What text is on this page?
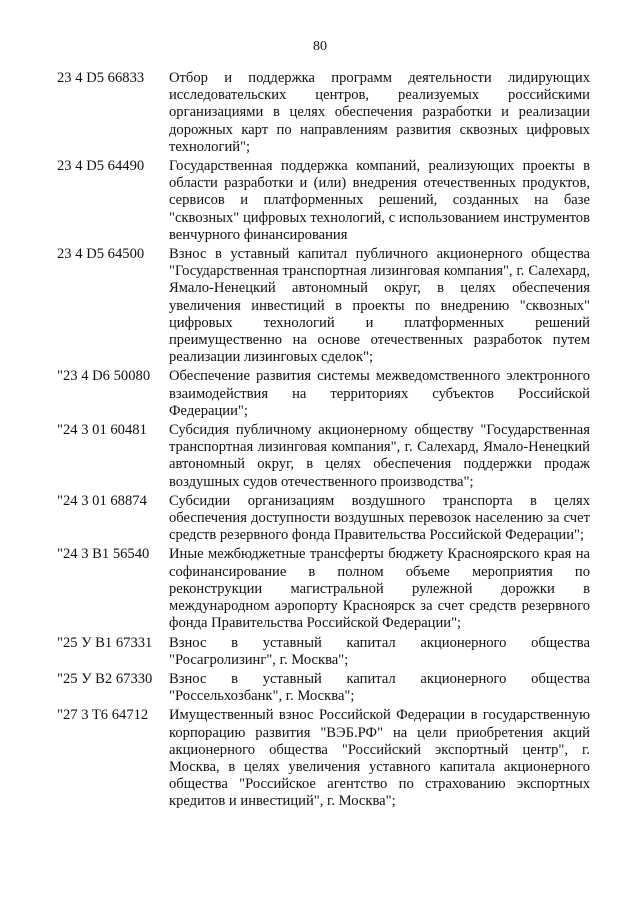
80
23 4 D5 66833	Отбор и поддержка программ деятельности лидирующих исследовательских центров, реализуемых российскими организациями в целях обеспечения разработки и реализации дорожных карт по направлениям развития сквозных цифровых технологий";
23 4 D5 64490	Государственная поддержка компаний, реализующих проекты в области разработки и (или) внедрения отечественных продуктов, сервисов и платформенных решений, созданных на базе "сквозных" цифровых технологий, с использованием инструментов венчурного финансирования
23 4 D5 64500	Взнос в уставный капитал публичного акционерного общества "Государственная транспортная лизинговая компания", г. Салехард, Ямало-Ненецкий автономный округ, в целях обеспечения увеличения инвестиций в проекты по внедрению "сквозных" цифровых технологий и платформенных решений преимущественно на основе отечественных разработок путем реализации лизинговых сделок";
"23 4 D6 50080	Обеспечение развития системы межведомственного электронного взаимодействия на территориях субъектов Российской Федерации";
"24 3 01 60481	Субсидия публичному акционерному обществу "Государственная транспортная лизинговая компания", г. Салехард, Ямало-Ненецкий автономный округ, в целях обеспечения поддержки продаж воздушных судов отечественного производства";
"24 3 01 68874	Субсидии организациям воздушного транспорта в целях обеспечения доступности воздушных перевозок населению за счет средств резервного фонда Правительства Российской Федерации";
"24 3 B1 56540	Иные межбюджетные трансферты бюджету Красноярского края на софинансирование в полном объеме мероприятия по реконструкции магистральной рулежной дорожки в международном аэропорту Красноярск за счет средств резервного фонда Правительства Российской Федерации";
"25 У B1 67331	Взнос в уставный капитал акционерного общества "Росагролизинг", г. Москва";
"25 У B2 67330	Взнос в уставный капитал акционерного общества "Россельхозбанк", г. Москва";
"27 3 T6 64712	Имущественный взнос Российской Федерации в государственную корпорацию развития "ВЭБ.РФ" на цели приобретения акций акционерного общества "Российский экспортный центр", г. Москва, в целях увеличения уставного капитала акционерного общества "Российское агентство по страхованию экспортных кредитов и инвестиций", г. Москва";
